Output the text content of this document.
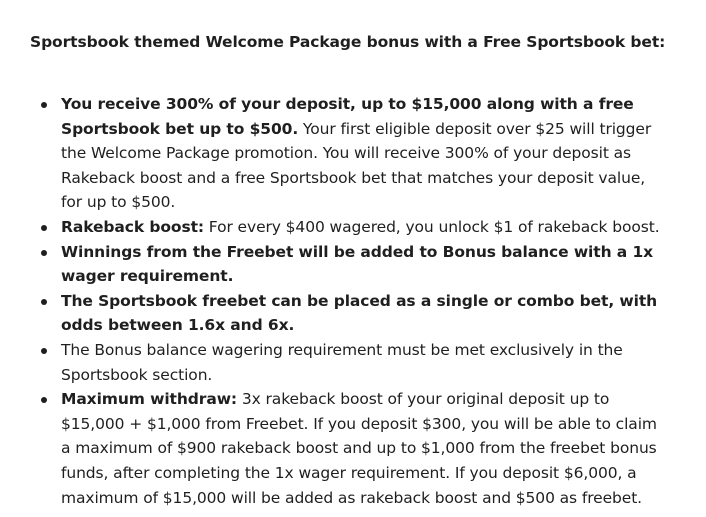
Sportsbook themed Welcome Package bonus with a Free Sportsbook bet:
You receive 300% of your deposit, up to $15,000 along with a free Sportsbook bet up to $500. Your first eligible deposit over $25 will trigger the Welcome Package promotion. You will receive 300% of your deposit as Rakeback boost and a free Sportsbook bet that matches your deposit value, for up to $500.
Rakeback boost: For every $400 wagered, you unlock $1 of rakeback boost.
Winnings from the Freebet will be added to Bonus balance with a 1x wager requirement.
The Sportsbook freebet can be placed as a single or combo bet, with odds between 1.6x and 6x.
The Bonus balance wagering requirement must be met exclusively in the Sportsbook section.
Maximum withdraw: 3x rakeback boost of your original deposit up to $15,000 + $1,000 from Freebet. If you deposit $300, you will be able to claim a maximum of $900 rakeback boost and up to $1,000 from the freebet bonus funds, after completing the 1x wager requirement. If you deposit $6,000, a maximum of $15,000 will be added as rakeback boost and $500 as freebet.
